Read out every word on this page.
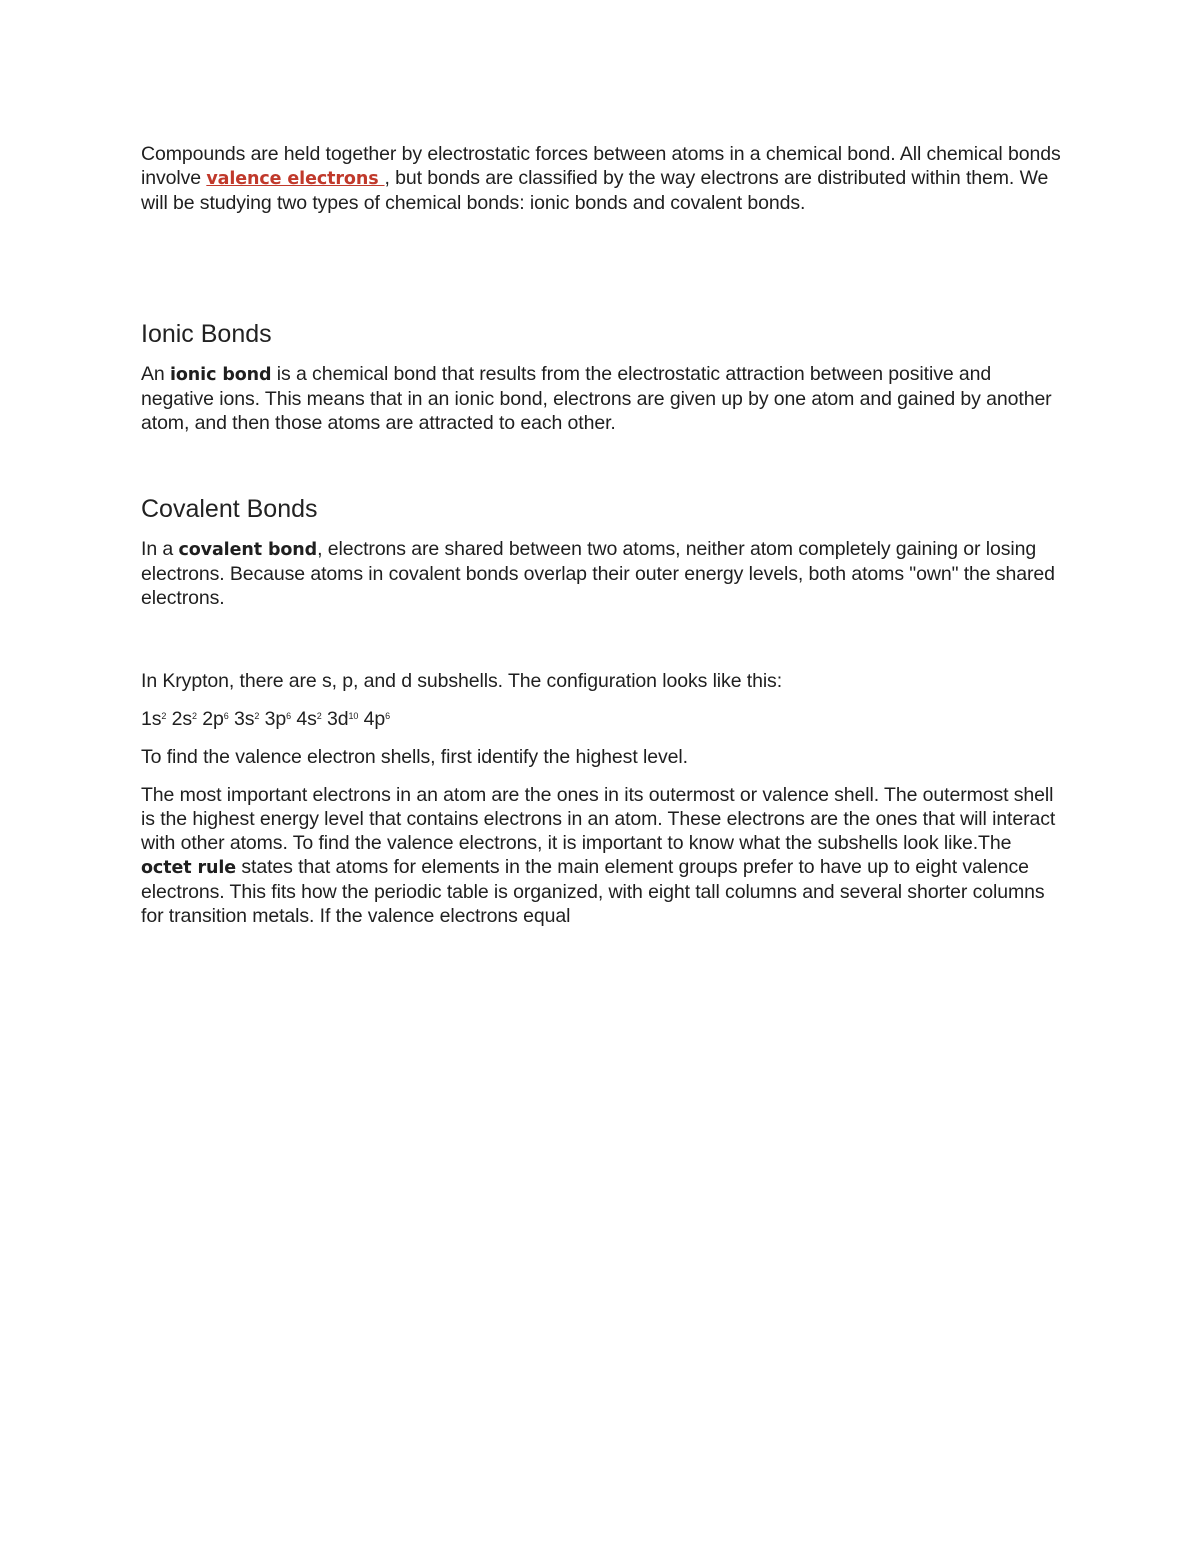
Compounds are held together by electrostatic forces between atoms in a chemical bond. All chemical bonds involve valence electrons , but bonds are classified by the way electrons are distributed within them. We will be studying two types of chemical bonds: ionic bonds and covalent bonds.

Ionic Bonds

An ionic bond is a chemical bond that results from the electrostatic attraction between positive and negative ions. This means that in an ionic bond, electrons are given up by one atom and gained by another atom, and then those atoms are attracted to each other.

Covalent Bonds

In a covalent bond, electrons are shared between two atoms, neither atom completely gaining or losing electrons. Because atoms in covalent bonds overlap their outer energy levels, both atoms "own" the shared electrons.

In Krypton, there are s, p, and d subshells. The configuration looks like this:

$1s^2$ $2s^2$ $2p^6$ $3s^2$ $3p^6$ $4s^2$ $3d^{10}$ $4p^6$

To find the valence electron shells, first identify the highest level.

The most important electrons in an atom are the ones in its outermost or valence shell. The outermost shell is the highest energy level that contains electrons in an atom. These electrons are the ones that will interact with other atoms. To find the valence electrons, it is important to know what the subshells look like.The octet rule states that atoms for elements in the main element groups prefer to have up to eight valence electrons. This fits how the periodic table is organized, with eight tall columns and several shorter columns for transition metals. If the valence electrons equal
